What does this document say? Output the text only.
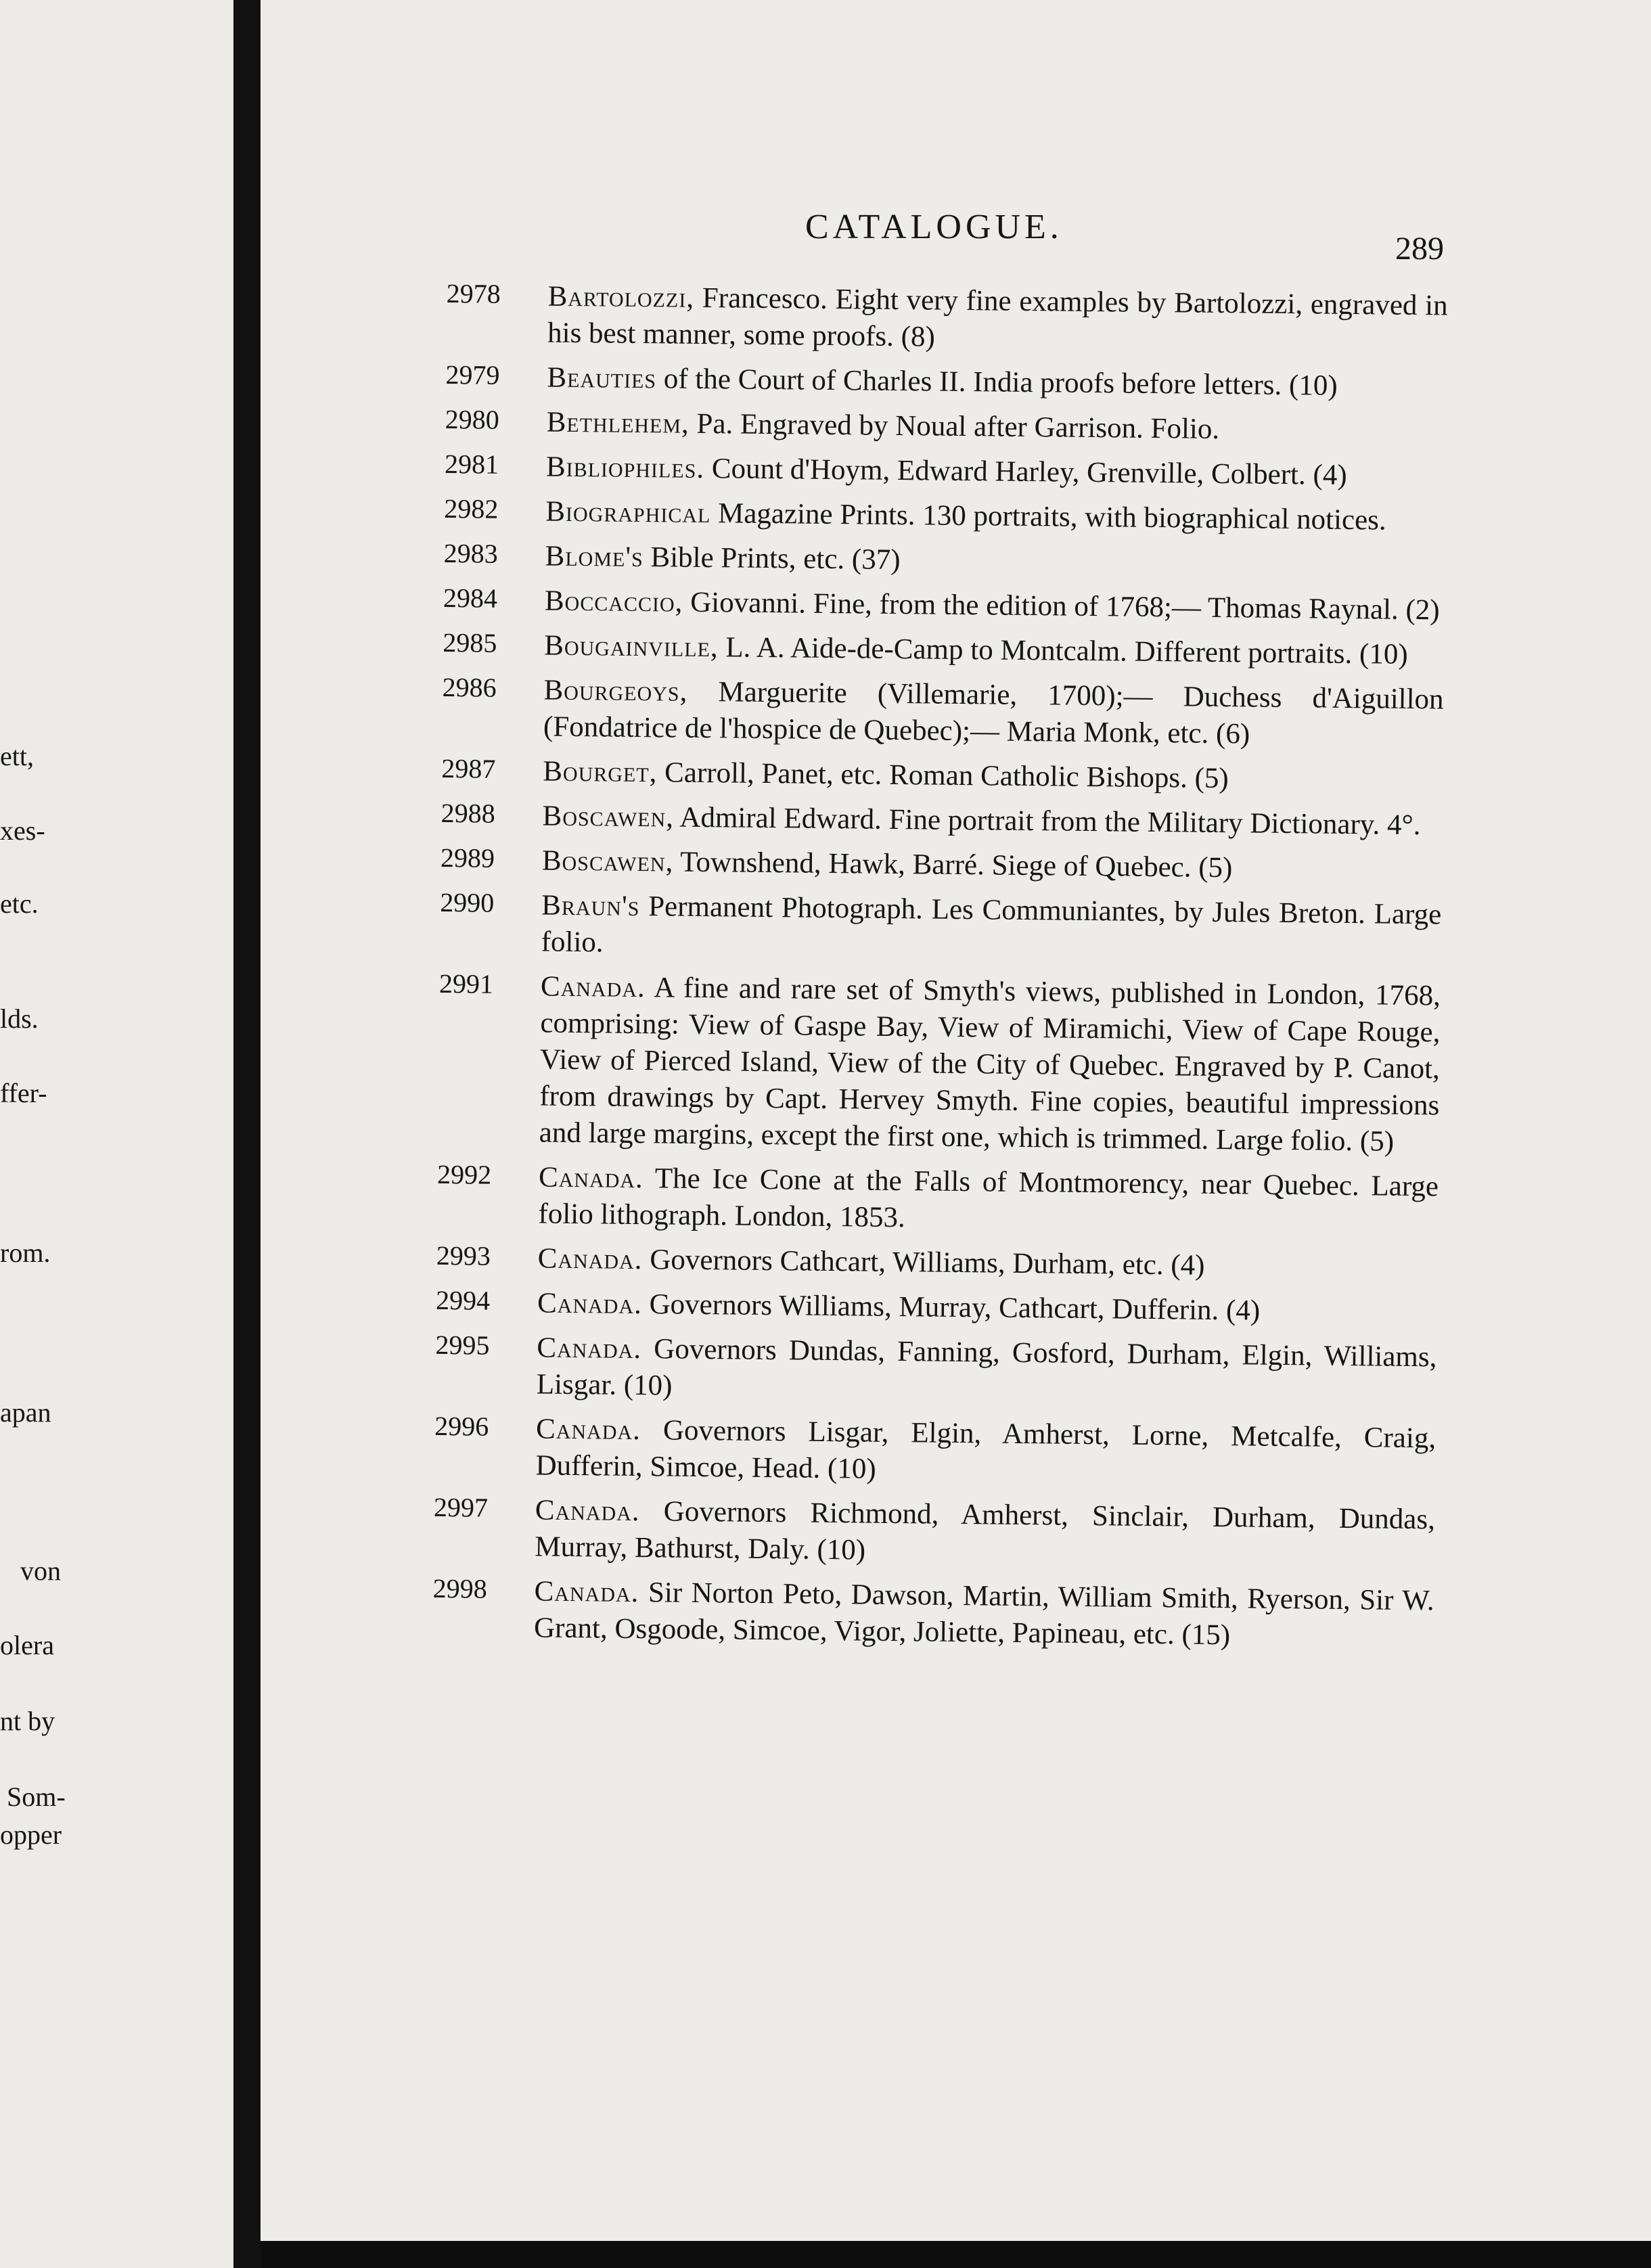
ett,
xes-
etc.
lds.
ffer-
rom.
apan
von
olera
nt by
Som-
opper
CATALOGUE.
289
2978 Bartolozzi, Francesco. Eight very fine examples by Bartolozzi, engraved in his best manner, some proofs. (8)
2979 Beauties of the Court of Charles II. India proofs before letters. (10)
2980 Bethlehem, Pa. Engraved by Noual after Garrison. Folio.
2981 Bibliophiles. Count d'Hoym, Edward Harley, Grenville, Colbert. (4)
2982 Biographical Magazine Prints. 130 portraits, with biographical notices.
2983 Blome's Bible Prints, etc. (37)
2984 Boccaccio, Giovanni. Fine, from the edition of 1768;— Thomas Raynal. (2)
2985 Bougainville, L. A. Aide-de-Camp to Montcalm. Different portraits. (10)
2986 Bourgeoys, Marguerite (Villemarie, 1700);— Duchess d'Aiguillon (Fondatrice de l'hospice de Quebec);— Maria Monk, etc. (6)
2987 Bourget, Carroll, Panet, etc. Roman Catholic Bishops. (5)
2988 Boscawen, Admiral Edward. Fine portrait from the Military Dictionary. 4°.
2989 Boscawen, Townshend, Hawk, Barré. Siege of Quebec. (5)
2990 Braun's Permanent Photograph. Les Communiantes, by Jules Breton. Large folio.
2991 Canada. A fine and rare set of Smyth's views, published in London, 1768, comprising: View of Gaspe Bay, View of Miramichi, View of Cape Rouge, View of Pierced Island, View of the City of Quebec. Engraved by P. Canot, from drawings by Capt. Hervey Smyth. Fine copies, beautiful impressions and large margins, except the first one, which is trimmed. Large folio. (5)
2992 Canada. The Ice Cone at the Falls of Montmorency, near Quebec. Large folio lithograph. London, 1853.
2993 Canada. Governors Cathcart, Williams, Durham, etc. (4)
2994 Canada. Governors Williams, Murray, Cathcart, Dufferin. (4)
2995 Canada. Governors Dundas, Fanning, Gosford, Durham, Elgin, Williams, Lisgar. (10)
2996 Canada. Governors Lisgar, Elgin, Amherst, Lorne, Metcalfe, Craig, Dufferin, Simcoe, Head. (10)
2997 Canada. Governors Richmond, Amherst, Sinclair, Durham, Dundas, Murray, Bathurst, Daly. (10)
2998 Canada. Sir Norton Peto, Dawson, Martin, William Smith, Ryerson, Sir W. Grant, Osgoode, Simcoe, Vigor, Joliette, Papineau, etc. (15)
